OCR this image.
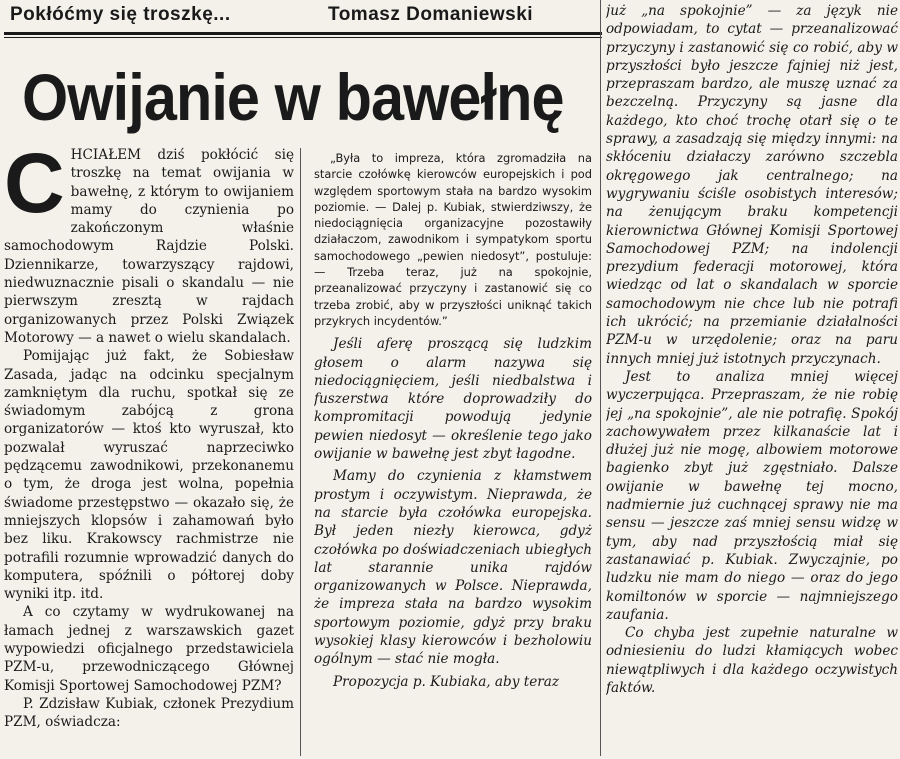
Pokłóćmy się troszkę...	Tomasz Domaniewski
Owijanie w bawełnę
C HCIAŁEM dziś pokłócić się troszkę na temat owijania w bawełnę, z którym to owijaniem mamy do czynienia po zakończonym właśnie samochodowym Rajdzie Polski. Dziennikarze, towarzyszący rajdowi, niedwuznacznie pisali o skandalu — nie pierwszym zresztą w rajdach organizowanych przez Polski Związek Motorowy — a nawet o wielu skandalach.

Pomijając już fakt, że Sobiesław Zasada, jadąc na odcinku specjalnym zamkniętym dla ruchu, spotkał się ze świadomym zabójcą z grona organizatorów — ktoś kto wyruszał, kto pozwalał wyruszać naprzeciwko pędzącemu zawodnikowi, przekonanemu o tym, że droga jest wolna, popełnia świadome przestępstwo — okazało się, że mniejszych klopsów i zahamowań było bez liku. Krakowscy rachmistrze nie potrafili rozumnie wprowadzić danych do komputera, spóźnili o półtorej doby wyniki itp. itd.

A co czytamy w wydrukowanej na łamach jednej z warszawskich gazet wypowiedzi oficjalnego przedstawiciela PZM-u, przewodniczącego Głównej Komisji Sportowej Samochodowej PZM?

P. Zdzisław Kubiak, członek Prezydium PZM, oświadcza:

„Była to impreza, która zgromadziła na starcie czołówkę kierowców europejskich i pod względem sportowym stała na bardzo wysokim poziomie. — Dalej p. Kubiak, stwierdziwszy, że niedociągnięcia organizacyjne pozostawiły działaczom, zawodnikom i sympatykom sportu samochodowego „pewien niedosyt”, postuluje: — Trzeba teraz, już na spokojnie, przeanalizować przyczyny i zastanowić się co trzeba zrobić, aby w przyszłości uniknąć takich przykrych incydentów.”

Jeśli aferę proszącą się ludzkim głosem o alarm nazywa się niedociągnięciem, jeśli niedbalstwa i fuszerstwa które doprowadziły do kompromitacji powodują jedynie pewien niedosyt — określenie tego jako owijanie w bawełnę jest zbyt łagodne.

Mamy do czynienia z kłamstwem prostym i oczywistym. Nieprawda, że na starcie była czołówka europejska. Był jeden niezły kierowca, gdyż czołówka po doświadczeniach ubiegłych lat starannie unika rajdów organizowanych w Polsce. Nieprawda, że impreza stała na bardzo wysokim sportowym poziomie, gdyż przy braku wysokiej klasy kierowców i bezholowiu ogólnym — stać nie mogła.

Propozycja p. Kubiaka, aby teraz

już „na spokojnie” — za język nie odpowiadam, to cytat — przeanalizować przyczyny i zastanowić się co robić, aby w przyszłości było jeszcze fajniej niż jest, przepraszam bardzo, ale muszę uznać za bezczelną. Przyczyny są jasne dla każdego, kto choć trochę otarł się o te sprawy, a zasadzają się między innymi: na skłóceniu działaczy zarówno szczebla okręgowego jak centralnego; na wygrywaniu ściśle osobistych interesów; na żenującym braku kompetencji kierownictwa Głównej Komisji Sportowej Samochodowej PZM; na indolencji prezydium federacji motorowej, która wiedząc od lat o skandalach w sporcie samochodowym nie chce lub nie potrafi ich ukrócić; na przemianie działalności PZM-u w urzędolenie; oraz na paru innych mniej już istotnych przyczynach.

Jest to analiza mniej więcej wyczerpująca. Przepraszam, że nie robię jej „na spokojnie”, ale nie potrafię. Spokój zachowywałem przez kilkanaście lat i dłużej już nie mogę, albowiem motorowe bagienko zbyt już zgęstniało. Dalsze owijanie w bawełnę tej mocno, nadmiernie już cuchnącej sprawy nie ma sensu — jeszcze zaś mniej sensu widzę w tym, aby nad przyszłością miał się zastanawiać p. Kubiak. Zwyczajnie, po ludzku nie mam do niego — oraz do jego komiltonów w sporcie — najmniejszego zaufania.

Co chyba jest zupełnie naturalne w odniesieniu do ludzi kłamiących wobec niewątpliwych i dla każdego oczywistych faktów.
